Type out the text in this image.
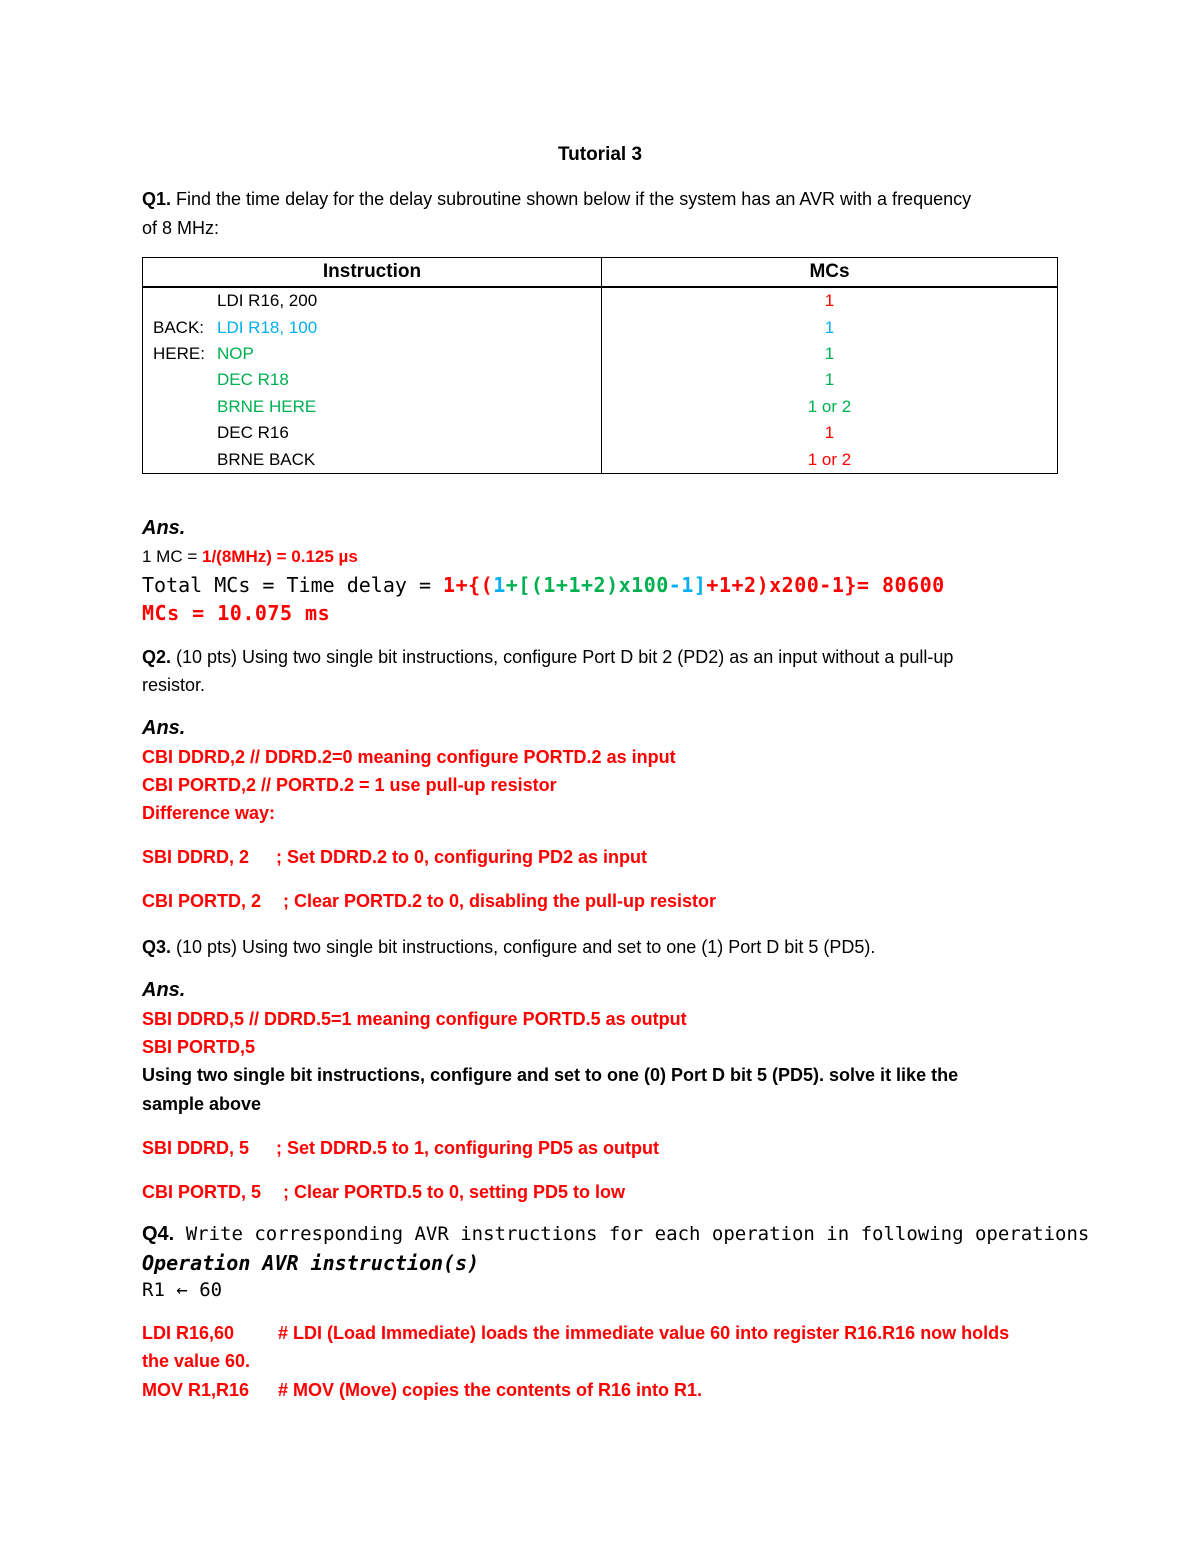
Tutorial 3
Q1. Find the time delay for the delay subroutine shown below if the system has an AVR with a frequency
of 8 MHz:
Instruction	MCs
LDI R16, 200	1
BACK: LDI R18, 100	1
HERE: NOP	1
DEC R18	1
BRNE HERE	1 or 2
DEC R16	1
BRNE BACK	1 or 2
Ans.
1 MC = 1/(8MHz) = 0.125 µs
Total MCs = Time delay = 1+{(1+[(1+1+2)x100-1]+1+2)x200-1}= 80600
MCs = 10.075 ms
Q2. (10 pts) Using two single bit instructions, configure Port D bit 2 (PD2) as an input without a pull-up
resistor.
Ans.
CBI DDRD,2 // DDRD.2=0 meaning configure PORTD.2 as input
CBI PORTD,2 // PORTD.2 = 1 use pull-up resistor
Difference way:
SBI DDRD, 2 ; Set DDRD.2 to 0, configuring PD2 as input
CBI PORTD, 2 ; Clear PORTD.2 to 0, disabling the pull-up resistor
Q3. (10 pts) Using two single bit instructions, configure and set to one (1) Port D bit 5 (PD5).
Ans.
SBI DDRD,5 // DDRD.5=1 meaning configure PORTD.5 as output
SBI PORTD,5
Using two single bit instructions, configure and set to one (0) Port D bit 5 (PD5). solve it like the
sample above
SBI DDRD, 5 ; Set DDRD.5 to 1, configuring PD5 as output
CBI PORTD, 5 ; Clear PORTD.5 to 0, setting PD5 to low
Q4. Write corresponding AVR instructions for each operation in following operations
Operation AVR instruction(s)
R1 ← 60
LDI R16,60 # LDI (Load Immediate) loads the immediate value 60 into register R16.R16 now holds
the value 60.
MOV R1,R16 # MOV (Move) copies the contents of R16 into R1.
